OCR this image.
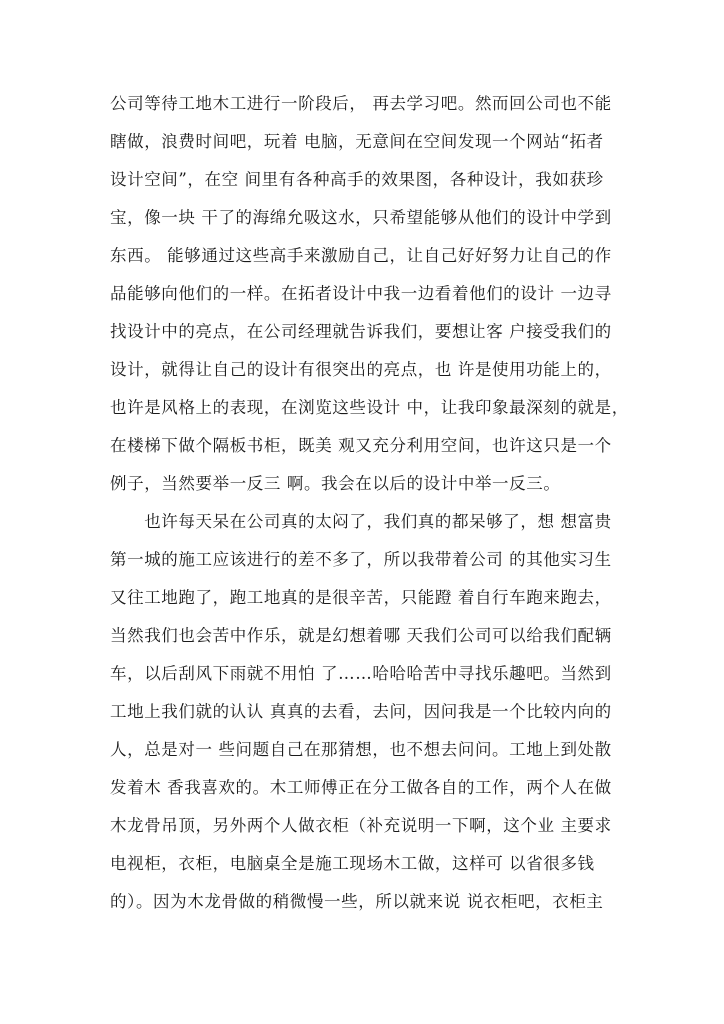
公司等待工地木工进行一阶段后， 再去学习吧。然而回公司也不能
瞎做，浪费时间吧，玩着 电脑，无意间在空间发现一个网站“拓者
设计空间”，在空 间里有各种高手的效果图，各种设计，我如获珍
宝，像一块 干了的海绵允吸这水，只希望能够从他们的设计中学到
东西。 能够通过这些高手来激励自己，让自己好好努力让自己的作
品能够向他们的一样。在拓者设计中我一边看着他们的设计 一边寻
找设计中的亮点，在公司经理就告诉我们，要想让客 户接受我们的
设计，就得让自己的设计有很突出的亮点，也 许是使用功能上的，
也许是风格上的表现，在浏览这些设计 中，让我印象最深刻的就是，
在楼梯下做个隔板书柜，既美 观又充分利用空间，也许这只是一个
例子，当然要举一反三 啊。我会在以后的设计中举一反三。
　　也许每天呆在公司真的太闷了，我们真的都呆够了，想 想富贵
第一城的施工应该进行的差不多了，所以我带着公司 的其他实习生
又往工地跑了，跑工地真的是很辛苦，只能蹬 着自行车跑来跑去，
当然我们也会苦中作乐，就是幻想着哪 天我们公司可以给我们配辆
车，以后刮风下雨就不用怕 了……哈哈哈苦中寻找乐趣吧。当然到
工地上我们就的认认 真真的去看，去问，因问我是一个比较内向的
人，总是对一 些问题自己在那猜想，也不想去问问。工地上到处散
发着木 香我喜欢的。木工师傅正在分工做各自的工作，两个人在做
木龙骨吊顶，另外两个人做衣柜（补充说明一下啊，这个业 主要求
电视柜，衣柜，电脑桌全是施工现场木工做，这样可 以省很多钱
的）。因为木龙骨做的稍微慢一些，所以就来说 说衣柜吧，衣柜主
